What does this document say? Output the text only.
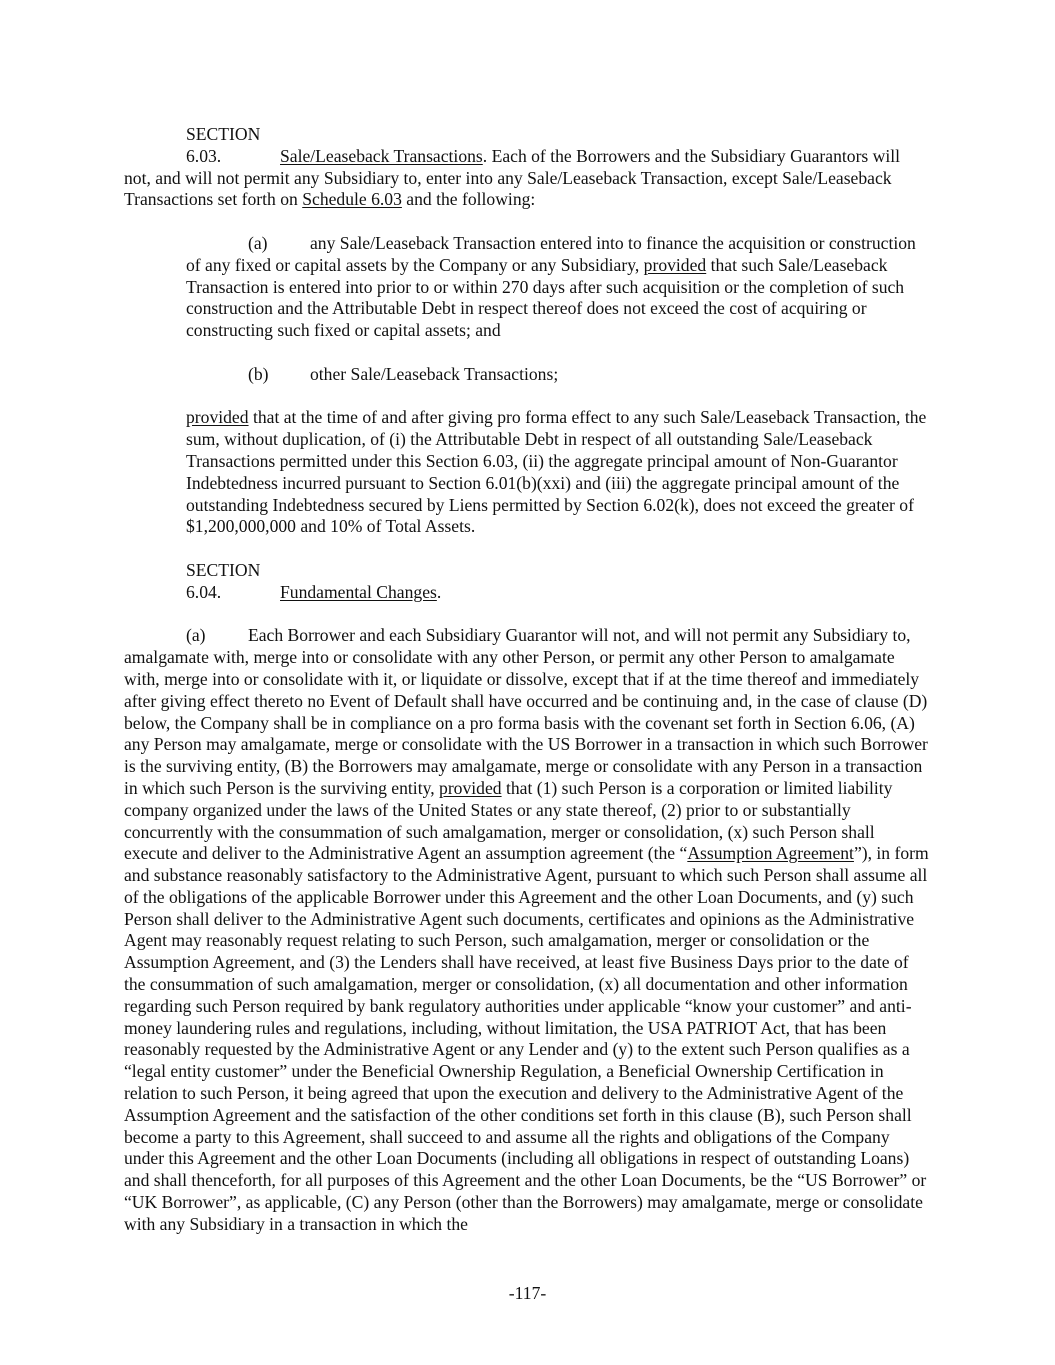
SECTION 6.03.	Sale/Leaseback Transactions. Each of the Borrowers and the Subsidiary Guarantors will not, and will not permit any Subsidiary to, enter into any Sale/Leaseback Transaction, except Sale/Leaseback Transactions set forth on Schedule 6.03 and the following:

(a) any Sale/Leaseback Transaction entered into to finance the acquisition or construction of any fixed or capital assets by the Company or any Subsidiary, provided that such Sale/Leaseback Transaction is entered into prior to or within 270 days after such acquisition or the completion of such construction and the Attributable Debt in respect thereof does not exceed the cost of acquiring or constructing such fixed or capital assets; and

(b) other Sale/Leaseback Transactions;

provided that at the time of and after giving pro forma effect to any such Sale/Leaseback Transaction, the sum, without duplication, of (i) the Attributable Debt in respect of all outstanding Sale/Leaseback Transactions permitted under this Section 6.03, (ii) the aggregate principal amount of Non-Guarantor Indebtedness incurred pursuant to Section 6.01(b)(xxi) and (iii) the aggregate principal amount of the outstanding Indebtedness secured by Liens permitted by Section 6.02(k), does not exceed the greater of $1,200,000,000 and 10% of Total Assets.

SECTION 6.04.	Fundamental Changes.

(a) Each Borrower and each Subsidiary Guarantor will not, and will not permit any Subsidiary to, amalgamate with, merge into or consolidate with any other Person, or permit any other Person to amalgamate with, merge into or consolidate with it, or liquidate or dissolve, except that if at the time thereof and immediately after giving effect thereto no Event of Default shall have occurred and be continuing and, in the case of clause (D) below, the Company shall be in compliance on a pro forma basis with the covenant set forth in Section 6.06, (A) any Person may amalgamate, merge or consolidate with the US Borrower in a transaction in which such Borrower is the surviving entity, (B) the Borrowers may amalgamate, merge or consolidate with any Person in a transaction in which such Person is the surviving entity, provided that (1) such Person is a corporation or limited liability company organized under the laws of the United States or any state thereof, (2) prior to or substantially concurrently with the consummation of such amalgamation, merger or consolidation, (x) such Person shall execute and deliver to the Administrative Agent an assumption agreement (the “Assumption Agreement”), in form and substance reasonably satisfactory to the Administrative Agent, pursuant to which such Person shall assume all of the obligations of the applicable Borrower under this Agreement and the other Loan Documents, and (y) such Person shall deliver to the Administrative Agent such documents, certificates and opinions as the Administrative Agent may reasonably request relating to such Person, such amalgamation, merger or consolidation or the Assumption Agreement, and (3) the Lenders shall have received, at least five Business Days prior to the date of the consummation of such amalgamation, merger or consolidation, (x) all documentation and other information regarding such Person required by bank regulatory authorities under applicable “know your customer” and anti-money laundering rules and regulations, including, without limitation, the USA PATRIOT Act, that has been reasonably requested by the Administrative Agent or any Lender and (y) to the extent such Person qualifies as a “legal entity customer” under the Beneficial Ownership Regulation, a Beneficial Ownership Certification in relation to such Person, it being agreed that upon the execution and delivery to the Administrative Agent of the Assumption Agreement and the satisfaction of the other conditions set forth in this clause (B), such Person shall become a party to this Agreement, shall succeed to and assume all the rights and obligations of the Company under this Agreement and the other Loan Documents (including all obligations in respect of outstanding Loans) and shall thenceforth, for all purposes of this Agreement and the other Loan Documents, be the “US Borrower” or “UK Borrower”, as applicable, (C) any Person (other than the Borrowers) may amalgamate, merge or consolidate with any Subsidiary in a transaction in which the

-117-
